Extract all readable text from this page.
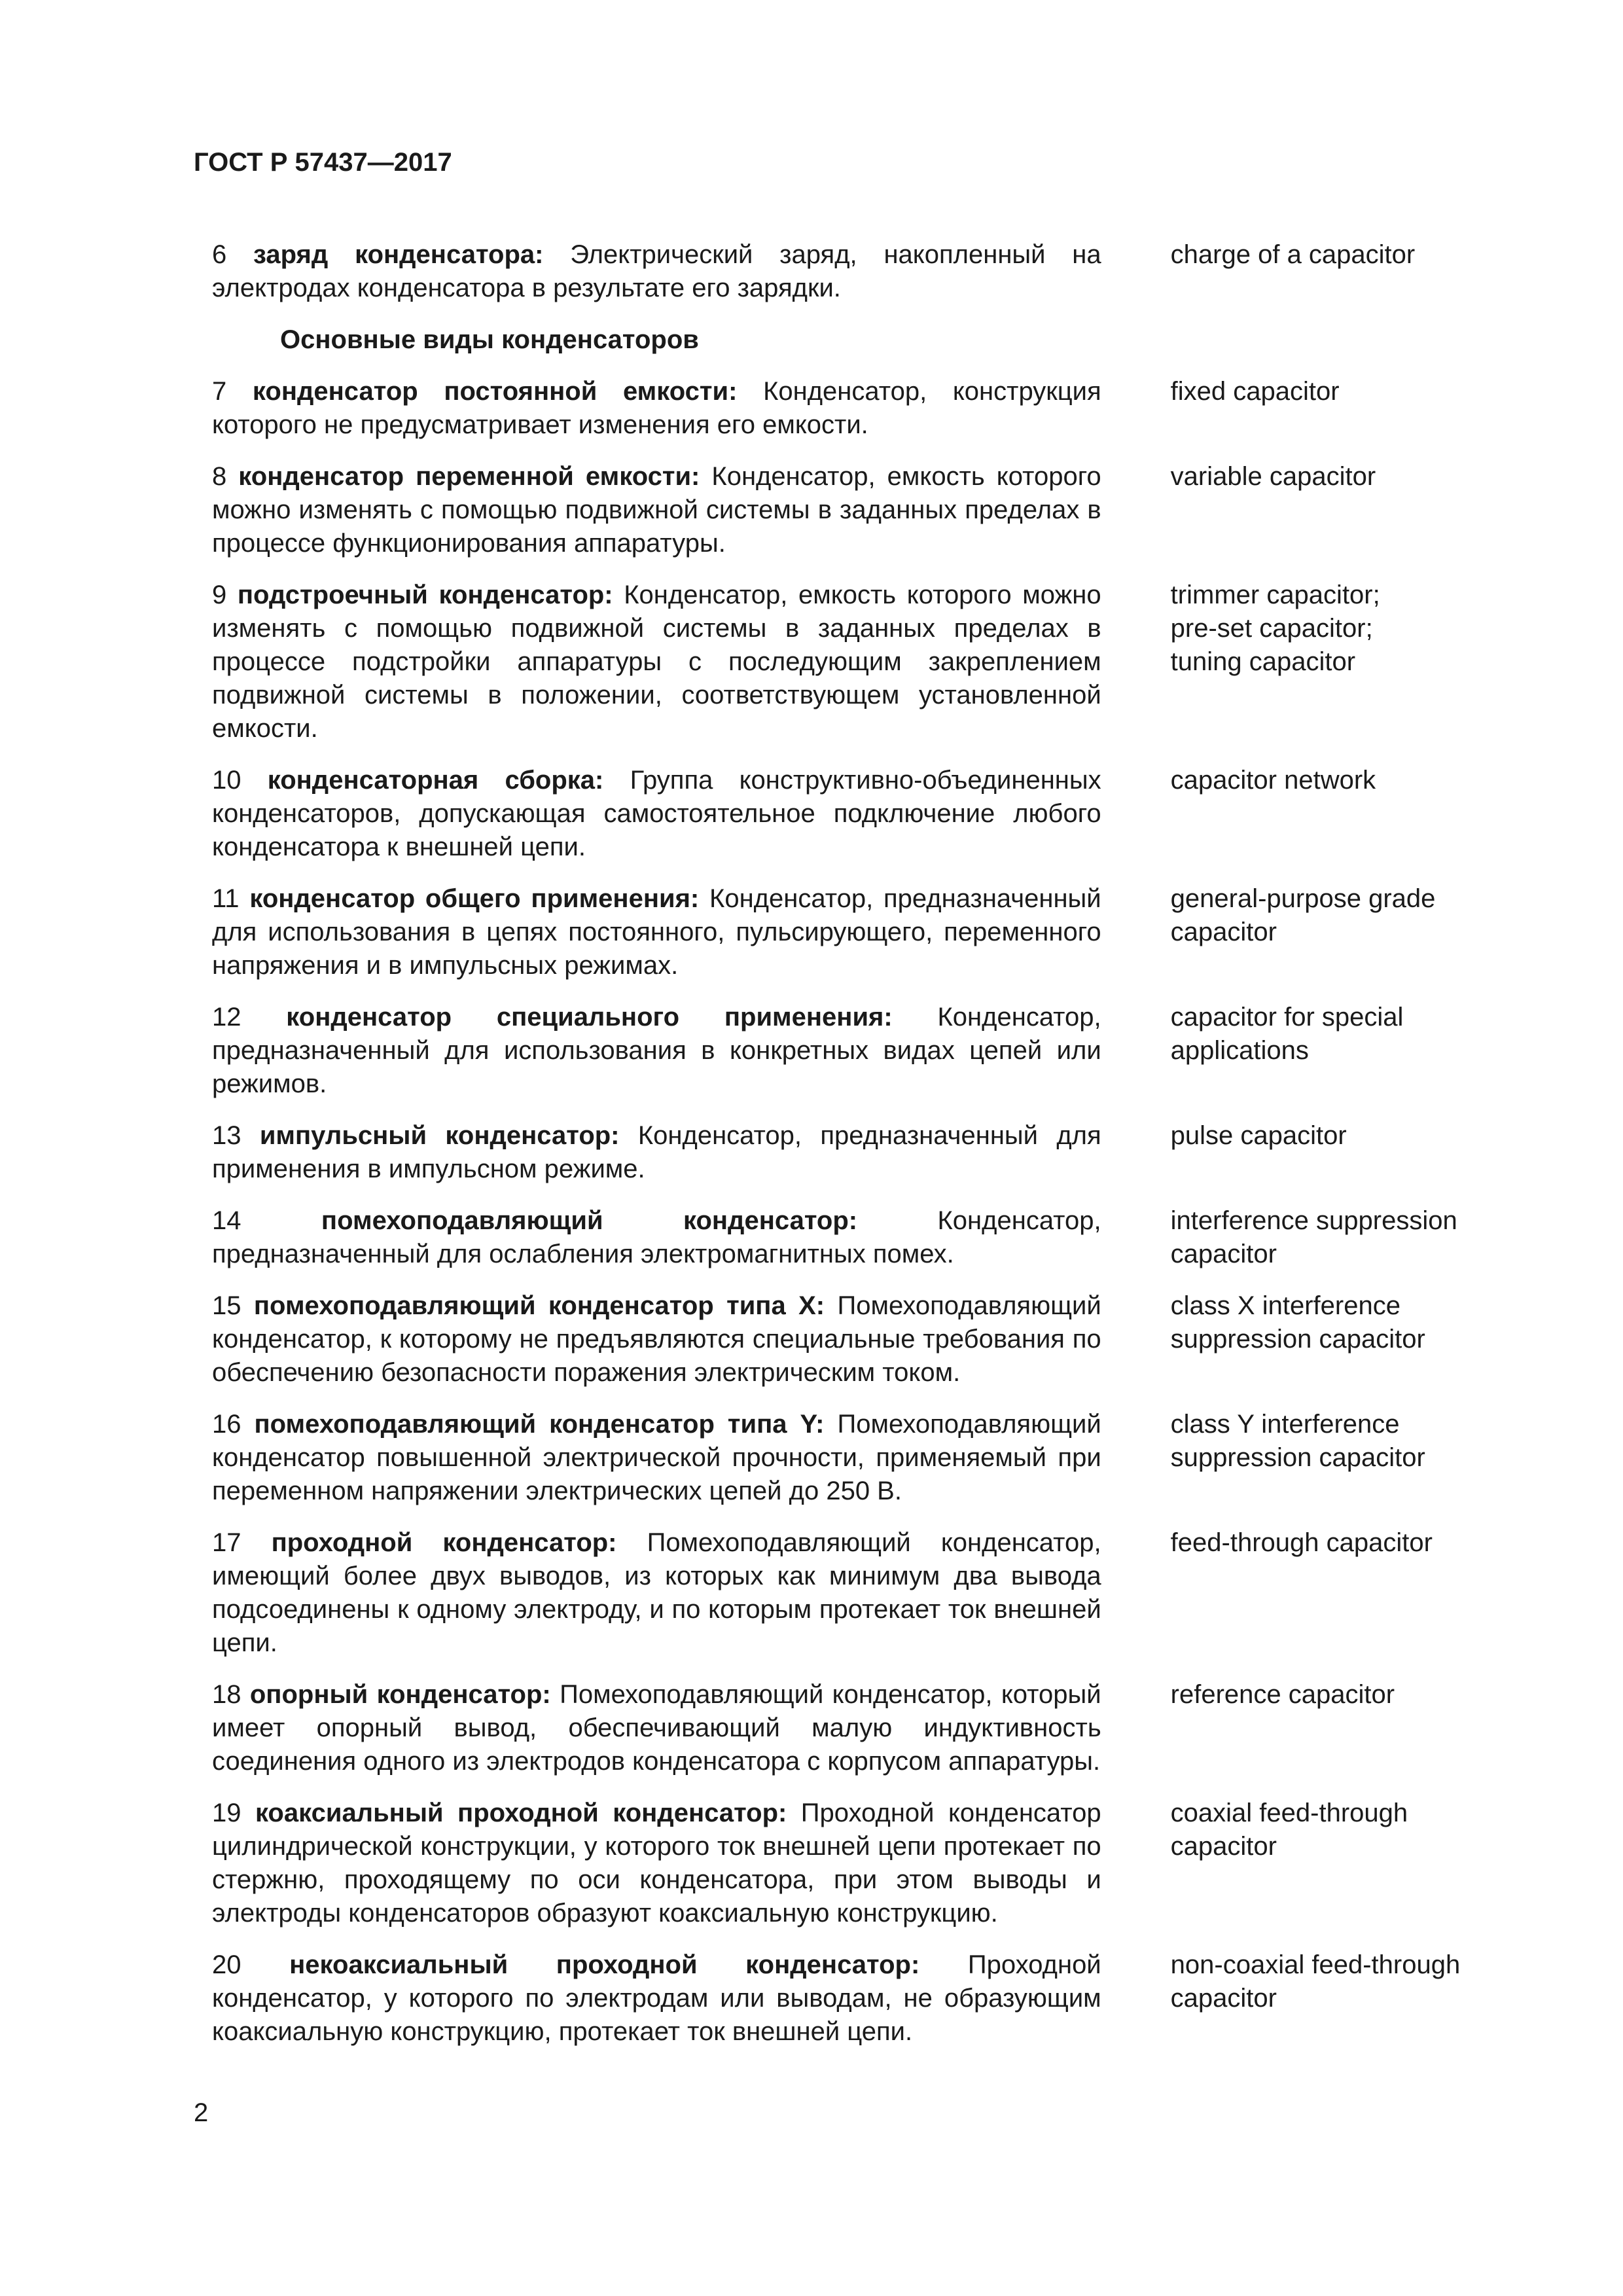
ГОСТ Р 57437—2017
6 заряд конденсатора: Электрический заряд, накопленный на электродах конденсатора в результате его зарядки.
charge of a capacitor
Основные виды конденсаторов
7 конденсатор постоянной емкости: Конденсатор, конструкция которого не предусматривает изменения его емкости.
fixed capacitor
8 конденсатор переменной емкости: Конденсатор, емкость которого можно изменять с помощью подвижной системы в заданных пределах в процессе функционирования аппаратуры.
variable capacitor
9 подстроечный конденсатор: Конденсатор, емкость которого можно изменять с помощью подвижной системы в заданных пределах в процессе подстройки аппаратуры с последующим закреплением подвижной системы в положении, соответствующем установленной емкости.
trimmer capacitor;
pre-set capacitor;
tuning capacitor
10 конденсаторная сборка: Группа конструктивно-объединенных конденсаторов, допускающая самостоятельное подключение любого конденсатора к внешней цепи.
capacitor network
11 конденсатор общего применения: Конденсатор, предназначенный для использования в цепях постоянного, пульсирующего, переменного напряжения и в импульсных режимах.
general-purpose grade
capacitor
12 конденсатор специального применения: Конденсатор, предназначенный для использования в конкретных видах цепей или режимов.
capacitor for special
applications
13 импульсный конденсатор: Конденсатор, предназначенный для применения в импульсном режиме.
pulse capacitor
14	помехоподавляющий конденсатор:	Конденсатор, предназначенный для ослабления электромагнитных помех.
interference suppression
capacitor
15 помехоподавляющий конденсатор типа X: Помехоподавляющий конденсатор, к которому не предъявляются специальные требования по обеспечению безопасности поражения электрическим током.
class X interference
suppression capacitor
16 помехоподавляющий конденсатор типа Y: Помехоподавляющий конденсатор повышенной электрической прочности, применяемый при переменном напряжении электрических цепей до 250 В.
class Y interference
suppression capacitor
17 проходной конденсатор: Помехоподавляющий конденсатор, имеющий более двух выводов, из которых как минимум два вывода подсоединены к одному электроду, и по которым протекает ток внешней цепи.
feed-through capacitor
18 опорный конденсатор: Помехоподавляющий конденсатор, который имеет опорный вывод, обеспечивающий малую индуктивность соединения одного из электродов конденсатора с корпусом аппаратуры.
reference capacitor
19 коаксиальный проходной конденсатор: Проходной конденсатор цилиндрической конструкции, у которого ток внешней цепи протекает по стержню, проходящему по оси конденсатора, при этом выводы и электроды конденсаторов образуют коаксиальную конструкцию.
coaxial feed-through
capacitor
20 некоаксиальный проходной конденсатор: Проходной конденсатор, у которого по электродам или выводам, не образующим коаксиальную конструкцию, протекает ток внешней цепи.
non-coaxial feed-through
capacitor
2
